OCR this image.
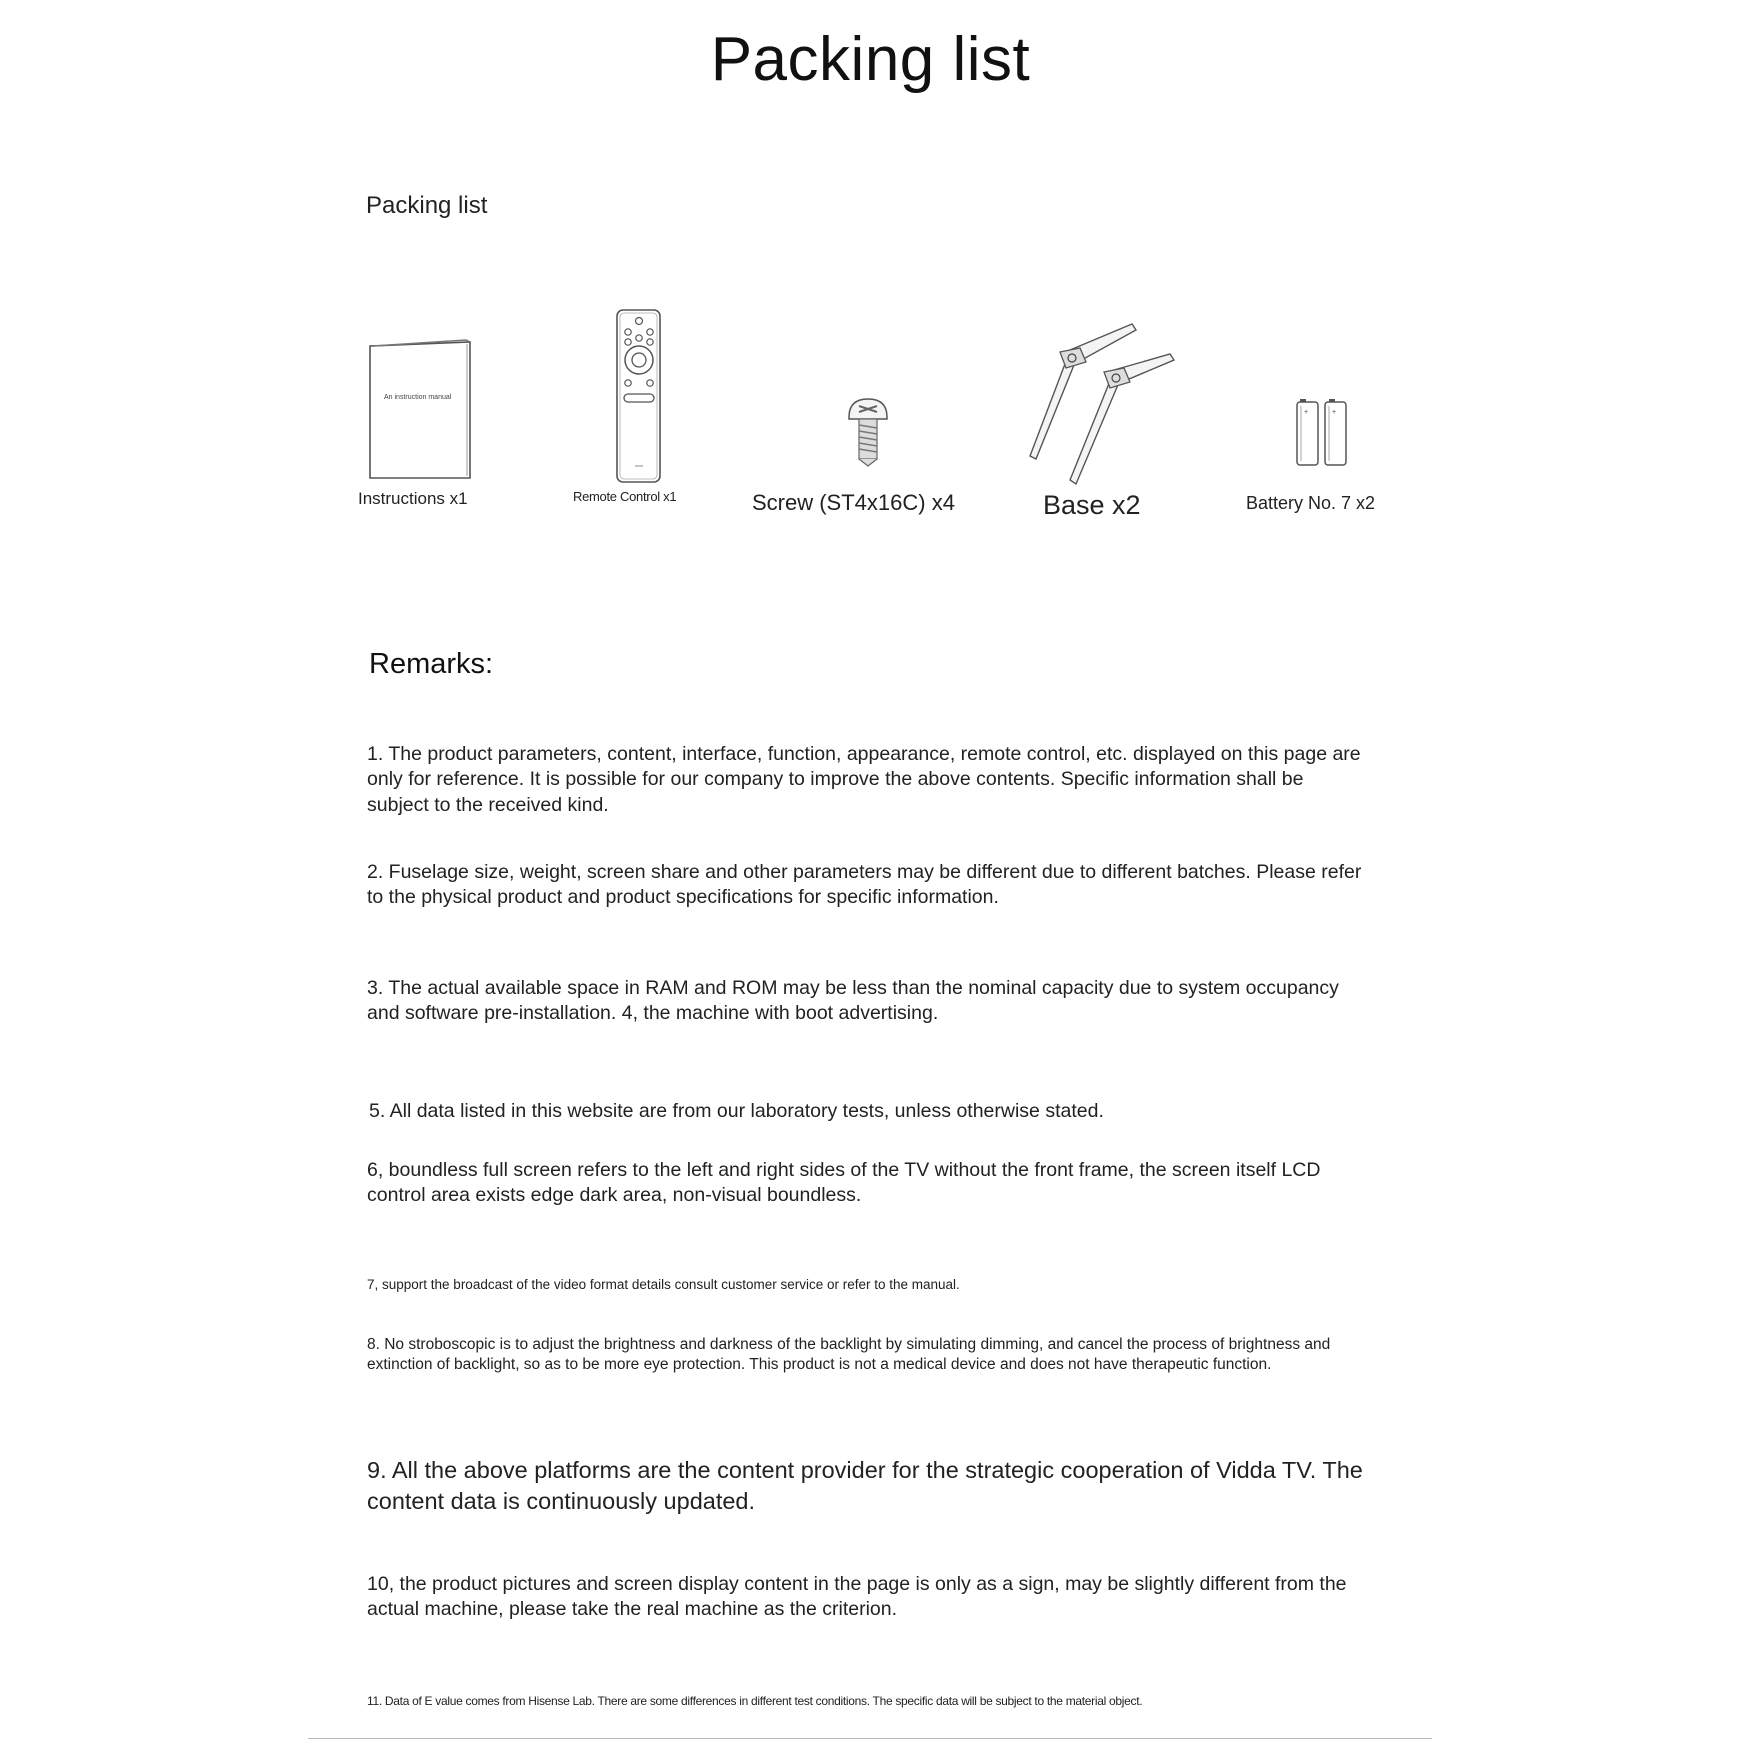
Packing list
Packing list
An instruction manual
Instructions x1	Remote Control x1	Screw (ST4x16C) x4	Base x2
+	+
Battery No. 7 x2
Remarks:
1. The product parameters, content, interface, function, appearance, remote control, etc. displayed on this page are only for reference. It is possible for our company to improve the above contents. Specific information shall be subject to the received kind.
2. Fuselage size, weight, screen share and other parameters may be different due to different batches. Please refer to the physical product and product specifications for specific information.
3. The actual available space in RAM and ROM may be less than the nominal capacity due to system occupancy and software pre-installation. 4, the machine with boot advertising.
5. All data listed in this website are from our laboratory tests, unless otherwise stated.
6, boundless full screen refers to the left and right sides of the TV without the front frame, the screen itself LCD control area exists edge dark area, non-visual boundless.
7, support the broadcast of the video format details consult customer service or refer to the manual.
8. No stroboscopic is to adjust the brightness and darkness of the backlight by simulating dimming, and cancel the process of brightness and extinction of backlight, so as to be more eye protection. This product is not a medical device and does not have therapeutic function.
9. All the above platforms are the content provider for the strategic cooperation of Vidda TV. The content data is continuously updated.
10, the product pictures and screen display content in the page is only as a sign, may be slightly different from the actual machine, please take the real machine as the criterion.
11. Data of E value comes from Hisense Lab. There are some differences in different test conditions. The specific data will be subject to the material object.
